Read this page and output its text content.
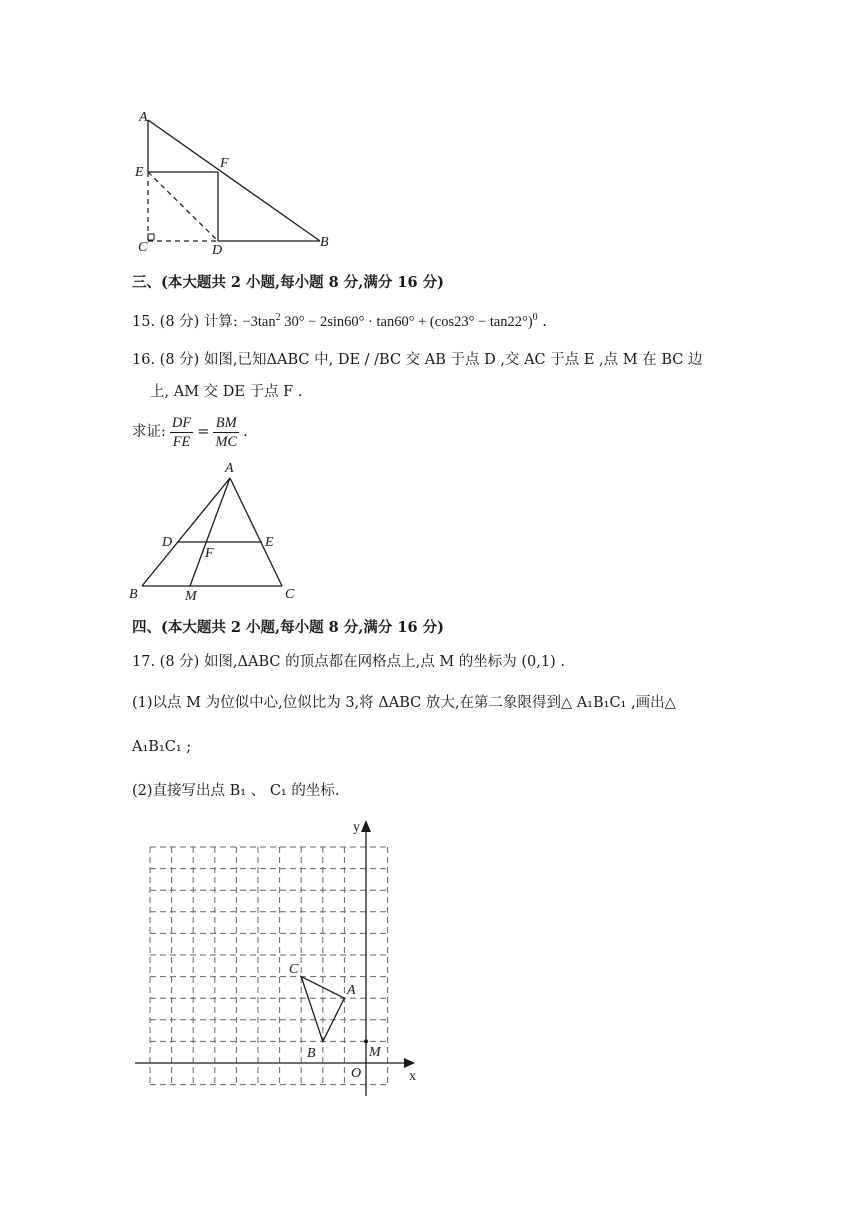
A
E
F
C	D
B
三、(本大题共 2 小题,每小题 8 分,满分 16 分)
15. (8 分) 计算: $-3\tan^2$ $30^\circ - 2\sin 60^\circ \cdot \tan 60^\circ + (\cos 23^\circ - \tan 22^\circ)^0$ .
16. (8 分) 如图,已知ΔABC 中, DE / /BC 交 AB 于点 D ,交 AC 于点 E ,点 M 在 BC 边
上, AM 交 DE 于点 F .
求证: $\frac{DF}{FE} = \frac{BM}{MC}$ .
A
D	E
F
B	M	C
四、(本大题共 2 小题,每小题 8 分,满分 16 分)
17. (8 分) 如图,ΔABC 的顶点都在网格点上,点 M 的坐标为 (0,1) .
(1)以点 M 为位似中心,位似比为 3,将 ΔABC 放大,在第二象限得到△ A₁B₁C₁ ,画出△
A₁B₁C₁ ;
(2)直接写出点 B₁ 、 C₁ 的坐标.
x
y
O
C
A
B	M
